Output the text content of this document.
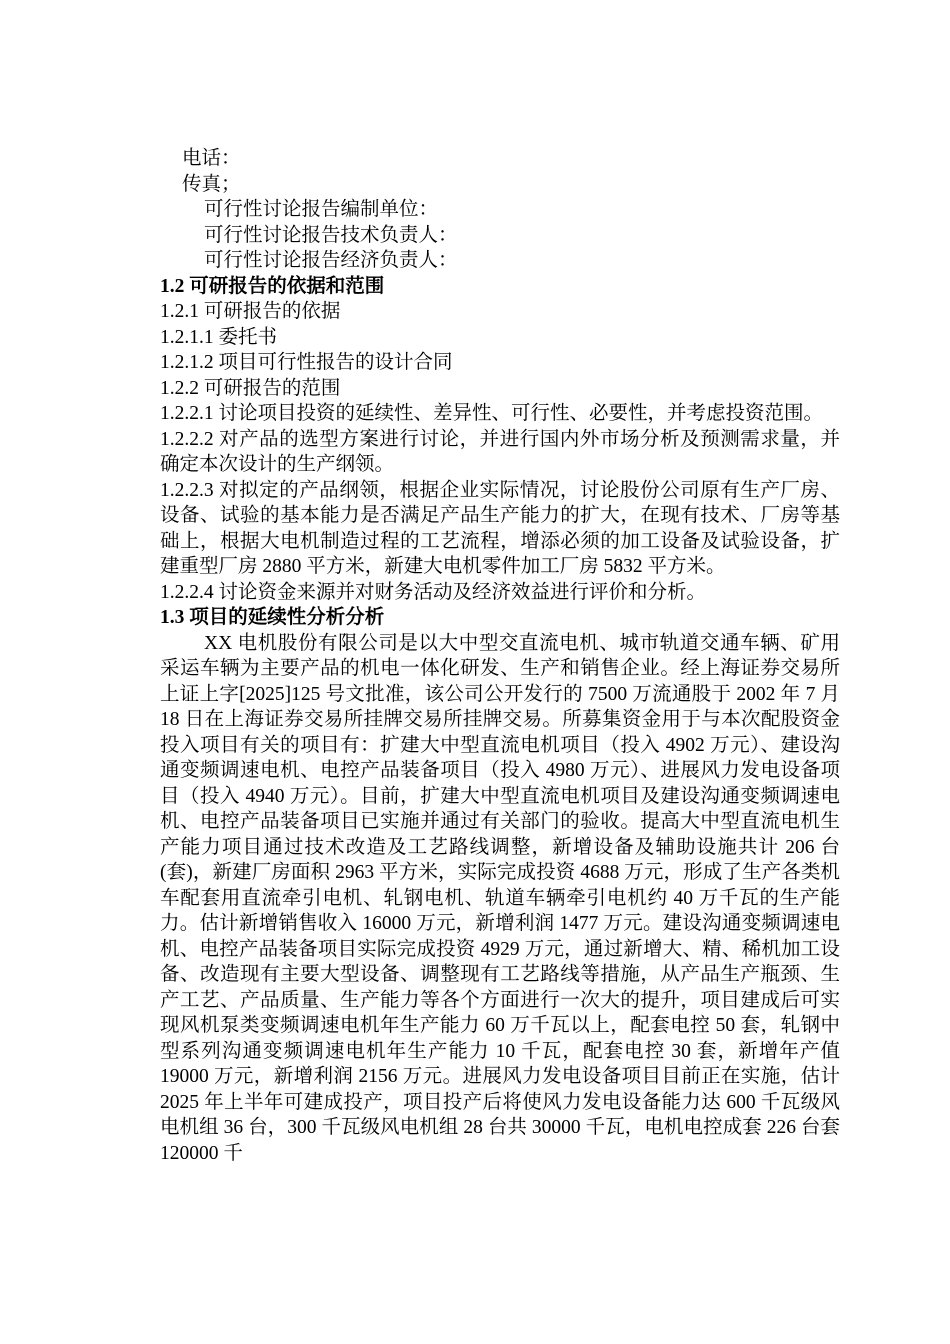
电话：

传真；

可行性讨论报告编制单位：

可行性讨论报告技术负责人：

可行性讨论报告经济负责人：

1.2 可研报告的依据和范围

1.2.1 可研报告的依据

1.2.1.1 委托书

1.2.1.2 项目可行性报告的设计合同

1.2.2 可研报告的范围

1.2.2.1 讨论项目投资的延续性、差异性、可行性、必要性，并考虑投资范围。

1.2.2.2 对产品的选型方案进行讨论，并进行国内外市场分析及预测需求量，并确定本次设计的生产纲领。

1.2.2.3 对拟定的产品纲领，根据企业实际情况，讨论股份公司原有生产厂房、设备、试验的基本能力是否满足产品生产能力的扩大，在现有技术、厂房等基础上，根据大电机制造过程的工艺流程，增添必须的加工设备及试验设备，扩建重型厂房 2880 平方米，新建大电机零件加工厂房 5832 平方米。

1.2.2.4 讨论资金来源并对财务活动及经济效益进行评价和分析。

1.3 项目的延续性分析分析

XX 电机股份有限公司是以大中型交直流电机、城市轨道交通车辆、矿用采运车辆为主要产品的机电一体化研发、生产和销售企业。经上海证券交易所上证上字[2025]125 号文批准，该公司公开发行的 7500 万流通股于 2002 年 7 月 18 日在上海证券交易所挂牌交易所挂牌交易。所募集资金用于与本次配股资金投入项目有关的项目有：扩建大中型直流电机项目（投入 4902 万元）、建设沟通变频调速电机、电控产品装备项目（投入 4980 万元）、进展风力发电设备项目（投入 4940 万元）。目前，扩建大中型直流电机项目及建设沟通变频调速电机、电控产品装备项目已实施并通过有关部门的验收。提高大中型直流电机生产能力项目通过技术改造及工艺路线调整，新增设备及辅助设施共计 206 台(套)，新建厂房面积 2963 平方米，实际完成投资 4688 万元，形成了生产各类机车配套用直流牵引电机、轧钢电机、轨道车辆牵引电机约 40 万千瓦的生产能力。估计新增销售收入 16000 万元，新增利润 1477 万元。建设沟通变频调速电机、电控产品装备项目实际完成投资 4929 万元，通过新增大、精、稀机加工设备、改造现有主要大型设备、调整现有工艺路线等措施，从产品生产瓶颈、生产工艺、产品质量、生产能力等各个方面进行一次大的提升，项目建成后可实现风机泵类变频调速电机年生产能力 60 万千瓦以上，配套电控 50 套，轧钢中型系列沟通变频调速电机年生产能力 10 千瓦，配套电控 30 套，新增年产值 19000 万元，新增利润 2156 万元。进展风力发电设备项目目前正在实施，估计 2025 年上半年可建成投产，项目投产后将使风力发电设备能力达 600 千瓦级风电机组 36 台，300 千瓦级风电机组 28 台共 30000 千瓦，电机电控成套 226 台套 120000 千
